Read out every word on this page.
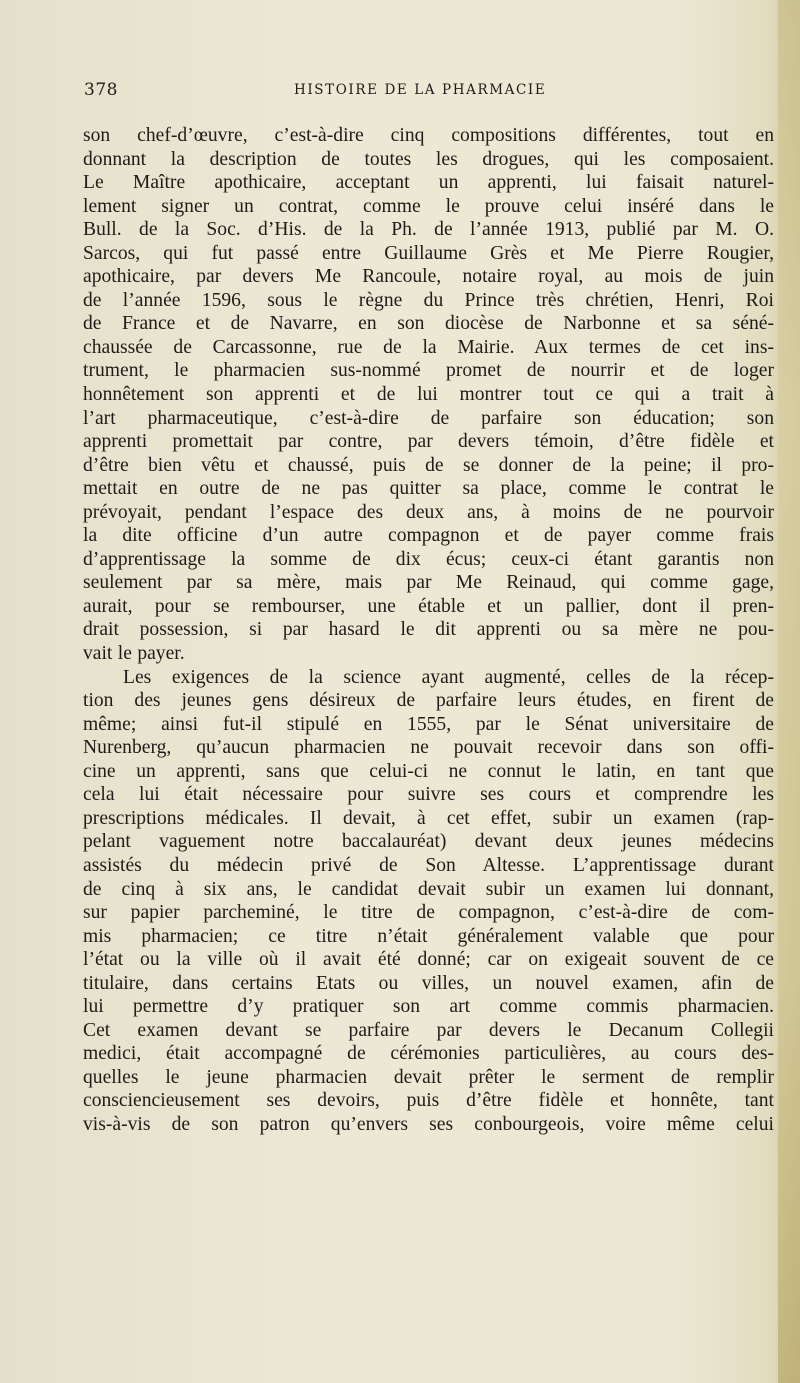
378	HISTOIRE DE LA PHARMACIE
son chef-d’œuvre, c’est-à-dire cinq compositions différentes, tout en
donnant la description de toutes les drogues, qui les composaient.
Le Maître apothicaire, acceptant un apprenti, lui faisait naturel-
lement signer un contrat, comme le prouve celui inséré dans le
Bull. de la Soc. d’His. de la Ph. de l’année 1913, publié par M. O.
Sarcos, qui fut passé entre Guillaume Grès et Me Pierre Rougier,
apothicaire, par devers Me Rancoule, notaire royal, au mois de juin
de l’année 1596, sous le règne du Prince très chrétien, Henri, Roi
de France et de Navarre, en son diocèse de Narbonne et sa séné-
chaussée de Carcassonne, rue de la Mairie. Aux termes de cet ins-
trument, le pharmacien sus-nommé promet de nourrir et de loger
honnêtement son apprenti et de lui montrer tout ce qui a trait à
l’art pharmaceutique, c’est-à-dire de parfaire son éducation; son
apprenti promettait par contre, par devers témoin, d’être fidèle et
d’être bien vêtu et chaussé, puis de se donner de la peine; il pro-
mettait en outre de ne pas quitter sa place, comme le contrat le
prévoyait, pendant l’espace des deux ans, à moins de ne pourvoir
la dite officine d’un autre compagnon et de payer comme frais
d’apprentissage la somme de dix écus; ceux-ci étant garantis non
seulement par sa mère, mais par Me Reinaud, qui comme gage,
aurait, pour se rembourser, une étable et un pallier, dont il pren-
drait possession, si par hasard le dit apprenti ou sa mère ne pou-
vait le payer.
Les exigences de la science ayant augmenté, celles de la récep-
tion des jeunes gens désireux de parfaire leurs études, en firent de
même; ainsi fut-il stipulé en 1555, par le Sénat universitaire de
Nurenberg, qu’aucun pharmacien ne pouvait recevoir dans son offi-
cine un apprenti, sans que celui-ci ne connut le latin, en tant que
cela lui était nécessaire pour suivre ses cours et comprendre les
prescriptions médicales. Il devait, à cet effet, subir un examen (rap-
pelant vaguement notre baccalauréat) devant deux jeunes médecins
assistés du médecin privé de Son Altesse. L’apprentissage durant
de cinq à six ans, le candidat devait subir un examen lui donnant,
sur papier parcheminé, le titre de compagnon, c’est-à-dire de com-
mis pharmacien; ce titre n’était généralement valable que pour
l’état ou la ville où il avait été donné; car on exigeait souvent de ce
titulaire, dans certains Etats ou villes, un nouvel examen, afin de
lui permettre d’y pratiquer son art comme commis pharmacien.
Cet examen devant se parfaire par devers le Decanum Collegii
medici, était accompagné de cérémonies particulières, au cours des-
quelles le jeune pharmacien devait prêter le serment de remplir
consciencieusement ses devoirs, puis d’être fidèle et honnête, tant
vis-à-vis de son patron qu’envers ses conbourgeois, voire même celui
